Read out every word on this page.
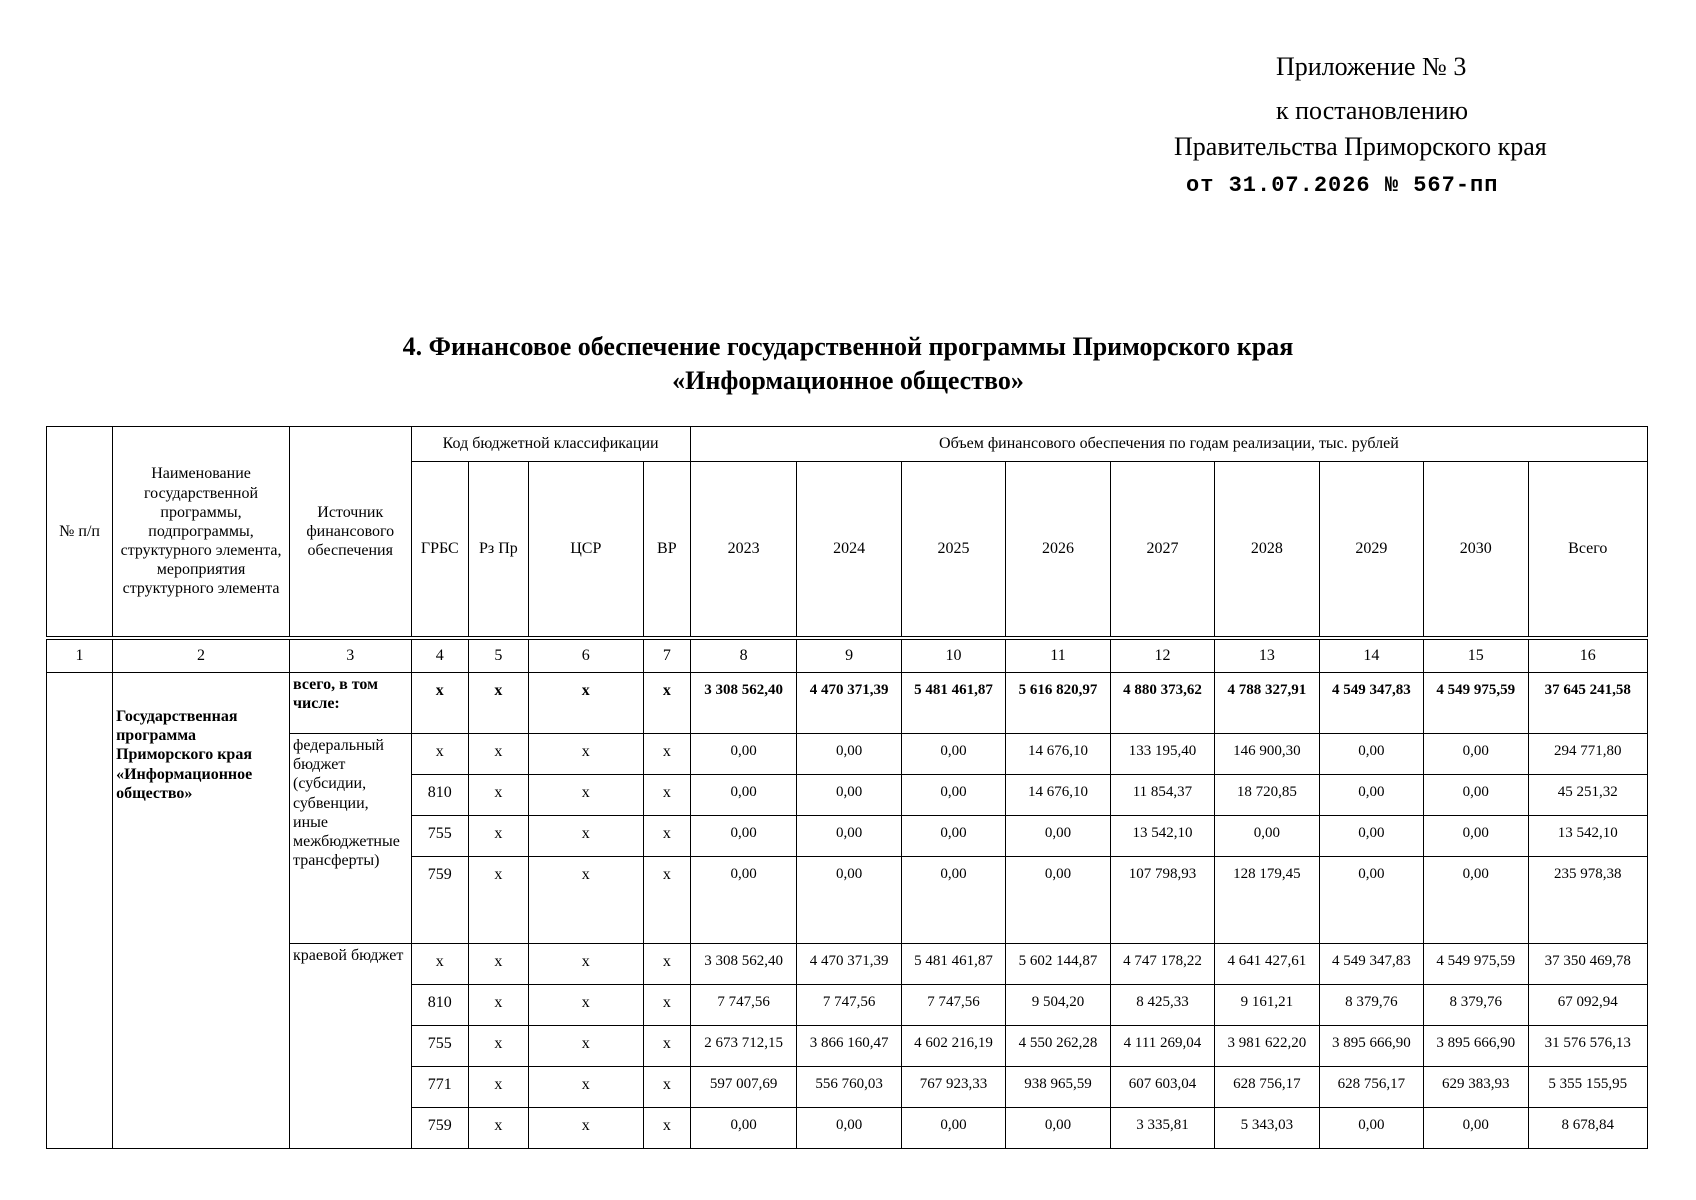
Приложение № 3
к постановлению
Правительства Приморского края
от 31.07.2026 № 567-пп
4. Финансовое обеспечение государственной программы Приморского края
«Информационное общество»
№ п/п	Наименование государственной программы, подпрограммы, структурного элемента, мероприятия структурного элемента	Источник финансового обеспечения	Код бюджетной классификации				Объем финансового обеспечения по годам реализации, тыс. рублей								
			ГРБС	Рз Пр	ЦСР	ВР	2023	2024	2025	2026	2027	2028	2029	2030	Всего

1	2	3	4	5	6	7	8	9	10	11	12	13	14	15	16
	Государственная программа Приморского края «Информационное общество»	всего, в том числе:	x	x	x	x	3 308 562,40	4 470 371,39	5 481 461,87	5 616 820,97	4 880 373,62	4 788 327,91	4 549 347,83	4 549 975,59	37 645 241,58
		федеральный бюджет (субсидии, субвенции, иные межбюджетные трансферты)	x	x	x	x	0,00	0,00	0,00	14 676,10	133 195,40	146 900,30	0,00	0,00	294 771,80
			810	x	x	x	0,00	0,00	0,00	14 676,10	11 854,37	18 720,85	0,00	0,00	45 251,32
			755	x	x	x	0,00	0,00	0,00	0,00	13 542,10	0,00	0,00	0,00	13 542,10
			759	x	x	x	0,00	0,00	0,00	0,00	107 798,93	128 179,45	0,00	0,00	235 978,38
		краевой бюджет	x	x	x	x	3 308 562,40	4 470 371,39	5 481 461,87	5 602 144,87	4 747 178,22	4 641 427,61	4 549 347,83	4 549 975,59	37 350 469,78
			810	x	x	x	7 747,56	7 747,56	7 747,56	9 504,20	8 425,33	9 161,21	8 379,76	8 379,76	67 092,94
			755	x	x	x	2 673 712,15	3 866 160,47	4 602 216,19	4 550 262,28	4 111 269,04	3 981 622,20	3 895 666,90	3 895 666,90	31 576 576,13
			771	x	x	x	597 007,69	556 760,03	767 923,33	938 965,59	607 603,04	628 756,17	628 756,17	629 383,93	5 355 155,95
			759	x	x	x	0,00	0,00	0,00	0,00	3 335,81	5 343,03	0,00	0,00	8 678,84
